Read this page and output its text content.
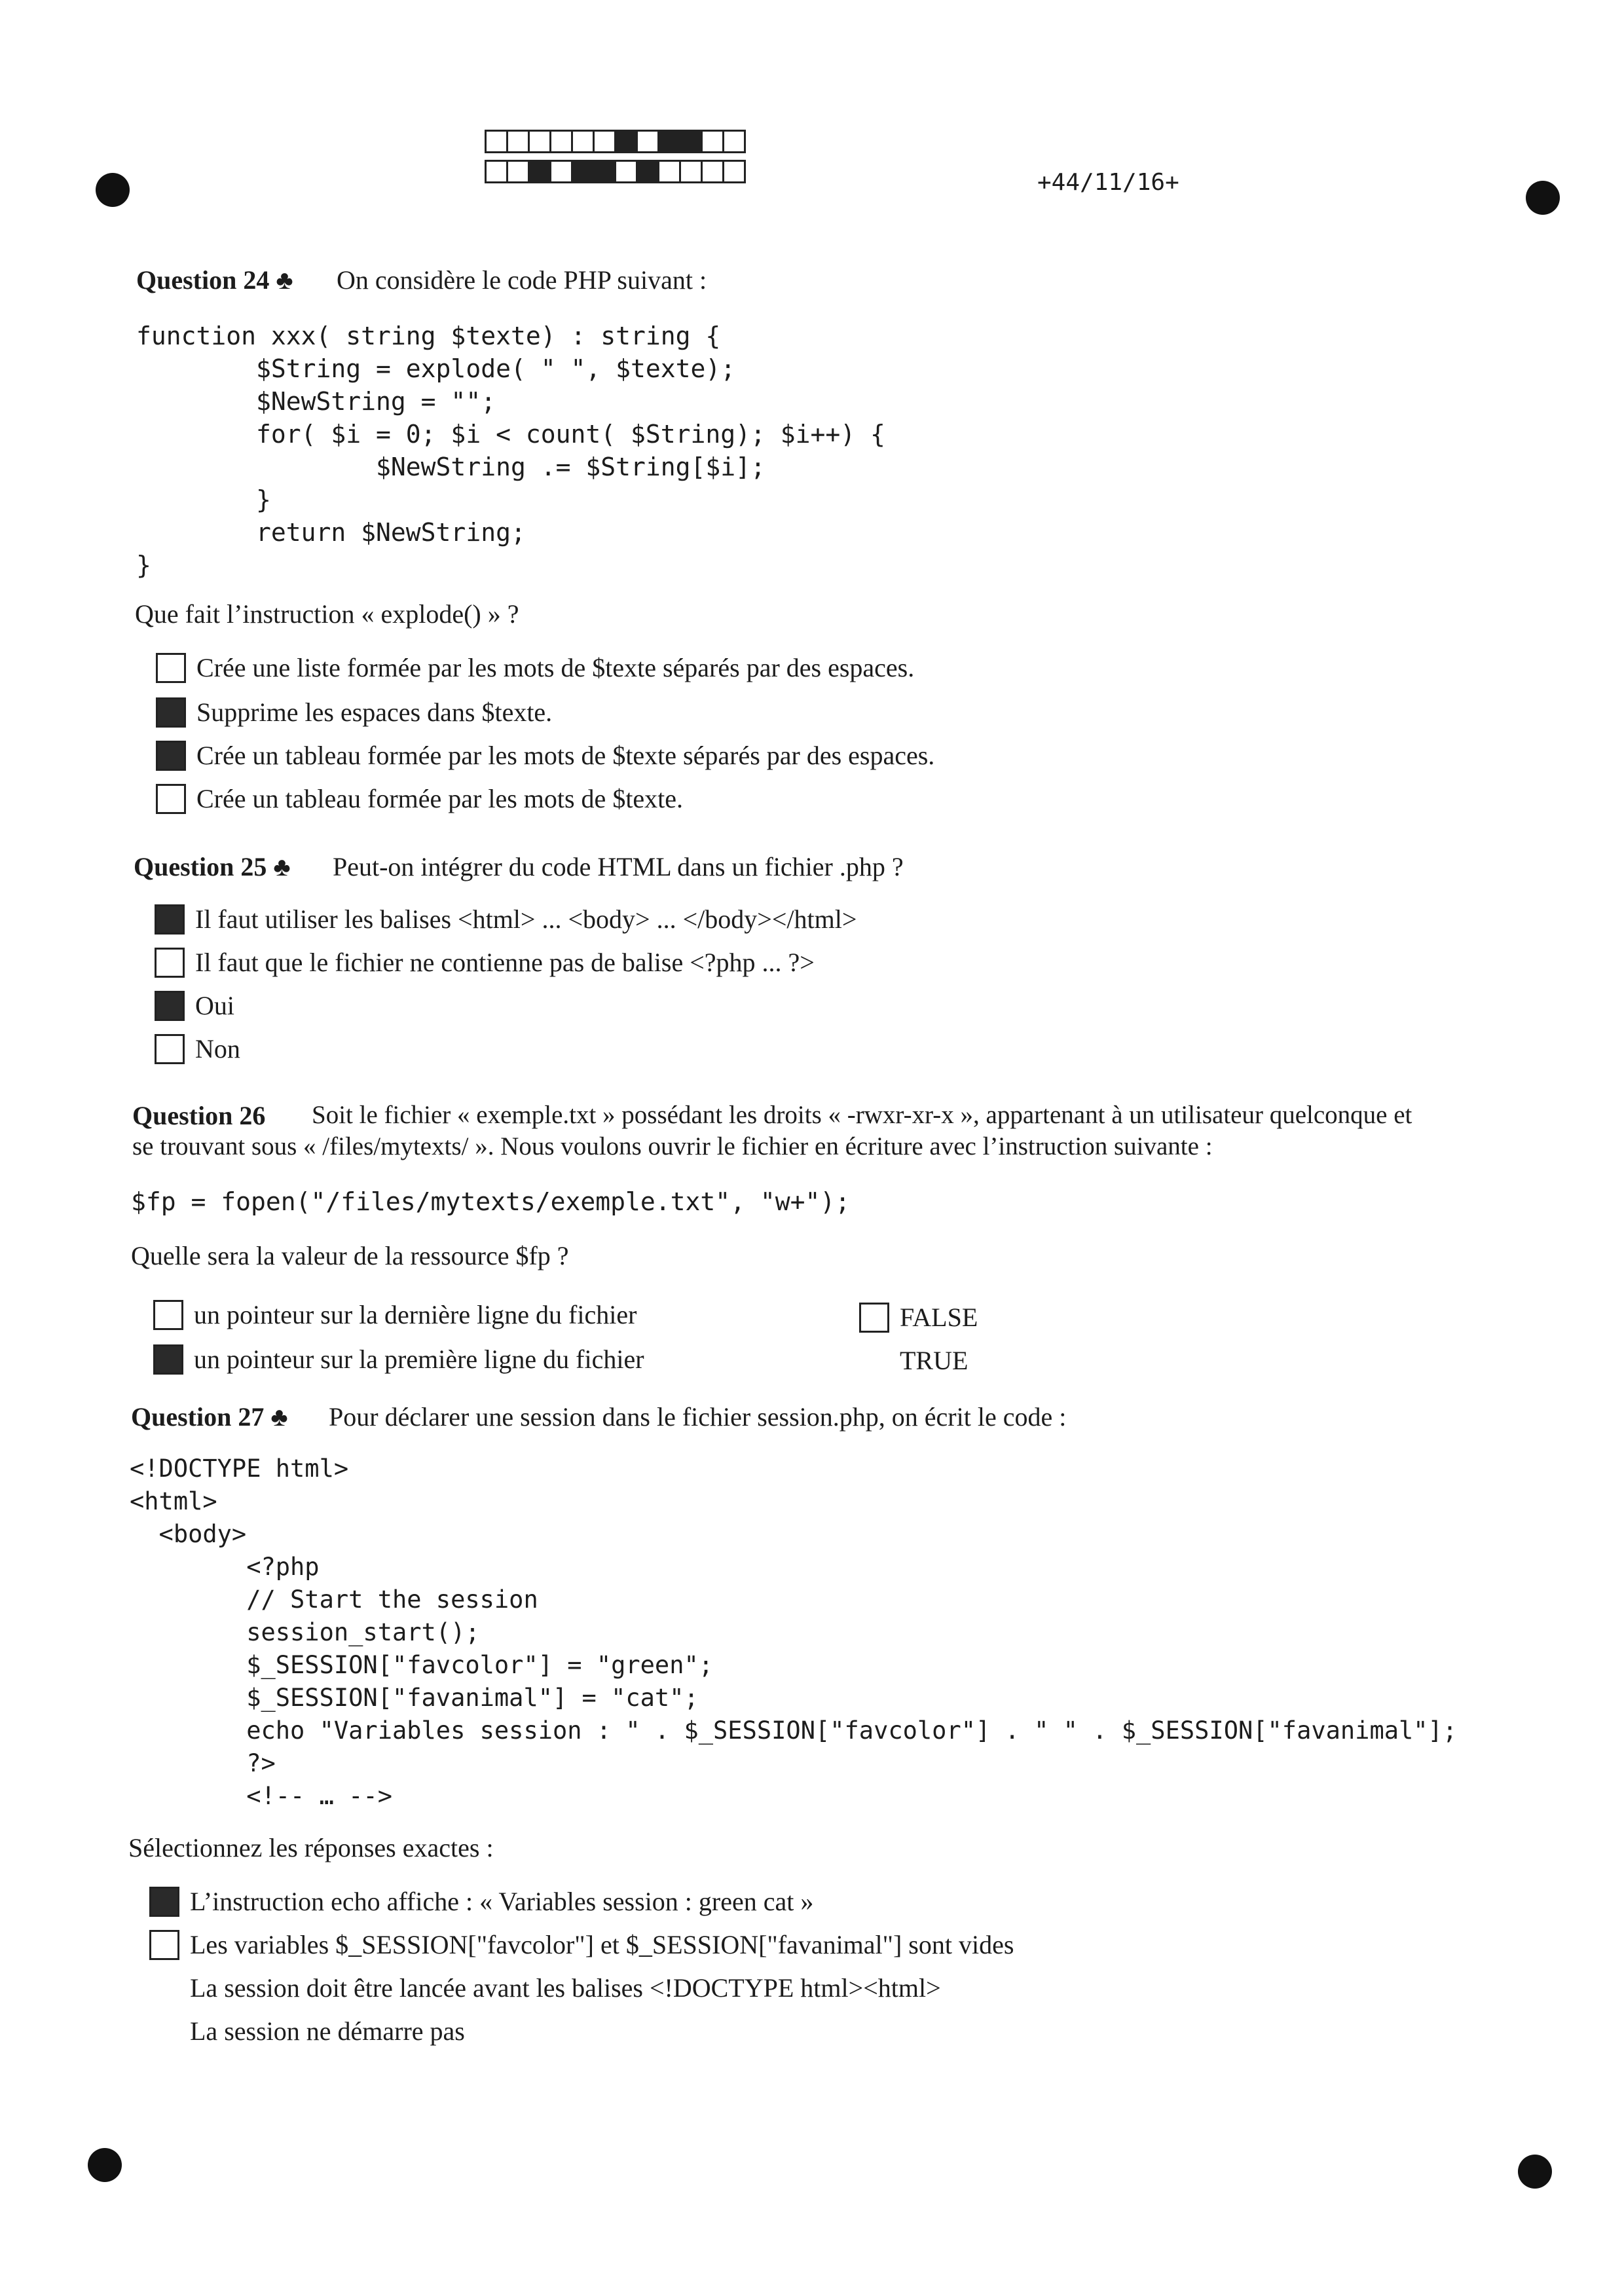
+44/11/16+
Question 24 ♣ On considère le code PHP suivant :
function xxx( string $texte) : string {
$String = explode( " ", $texte);
$NewString = "";
for( $i = 0; $i < count( $String); $i++) {
$NewString .= $String[$i];
}
return $NewString;
}
Que fait l’instruction « explode() » ?
Crée une liste formée par les mots de $texte séparés par des espaces.
Supprime les espaces dans $texte.
Crée un tableau formée par les mots de $texte séparés par des espaces.
Crée un tableau formée par les mots de $texte.
Question 25 ♣ Peut-on intégrer du code HTML dans un fichier .php ?
Il faut utiliser les balises <html> ... <body> ... </body></html>
Il faut que le fichier ne contienne pas de balise <?php ... ?>
Oui
Non
Question 26 Soit le fichier « exemple.txt » possédant les droits « -rwxr-xr-x », appartenant à un utilisateur quelconque et
se trouvant sous « /files/mytexts/ ». Nous voulons ouvrir le fichier en écriture avec l’instruction suivante :
$fp = fopen("/files/mytexts/exemple.txt", "w+");
Quelle sera la valeur de la ressource $fp ?
un pointeur sur la dernière ligne du fichier
un pointeur sur la première ligne du fichier
FALSE
TRUE
Question 27 ♣ Pour déclarer une session dans le fichier session.php, on écrit le code :
<!DOCTYPE html>
<html>
<body>
<?php
// Start the session
session_start();
$_SESSION["favcolor"] = "green";
$_SESSION["favanimal"] = "cat";
echo "Variables session : " . $_SESSION["favcolor"] . " " . $_SESSION["favanimal"];
?>
<!-- … -->
Sélectionnez les réponses exactes :
L’instruction echo affiche : « Variables session : green cat »
Les variables $_SESSION["favcolor"] et $_SESSION["favanimal"] sont vides
La session doit être lancée avant les balises <!DOCTYPE html><html>
La session ne démarre pas
